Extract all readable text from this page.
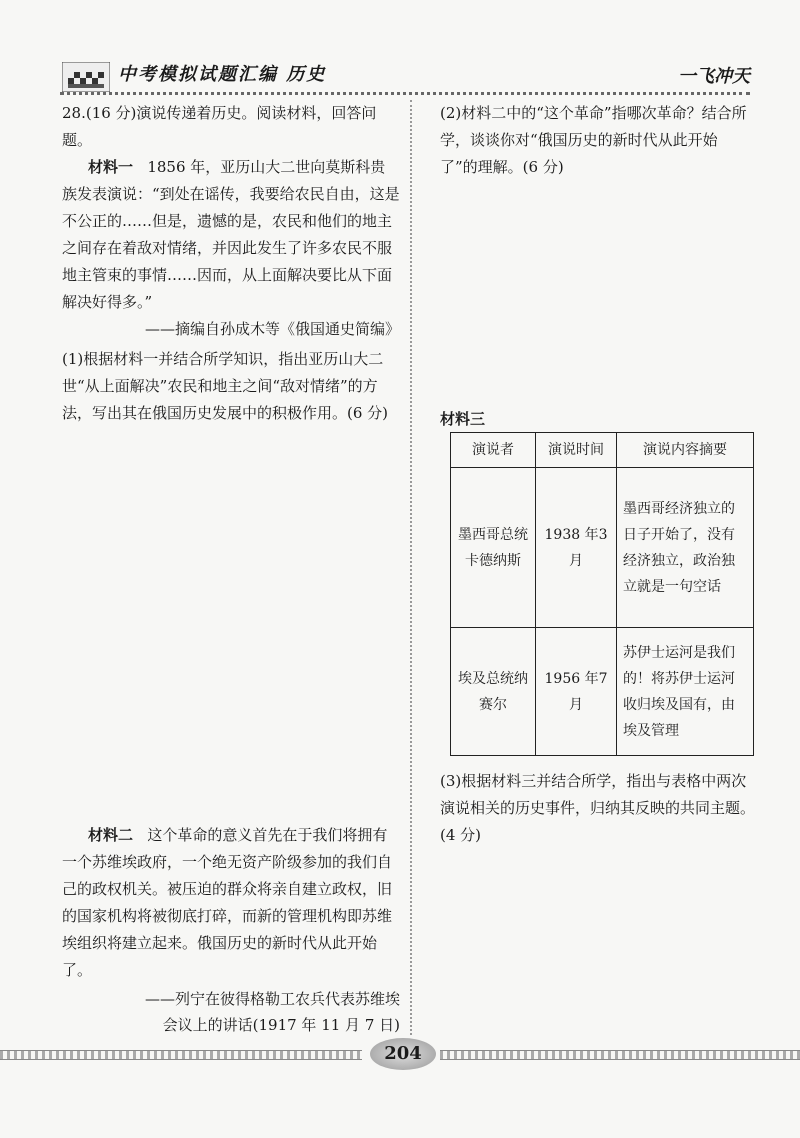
中考模拟试题汇编 历史	一飞冲天
28.(16 分)演说传递着历史。阅读材料，回答问题。
材料一 1856 年，亚历山大二世向莫斯科贵族发表演说：“到处在谣传，我要给农民自由，这是不公正的……但是，遗憾的是，农民和他们的地主之间存在着敌对情绪，并因此发生了许多农民不服地主管束的事情……因而，从上面解决要比从下面解决好得多。”
——摘编自孙成木等《俄国通史简编》
(1)根据材料一并结合所学知识，指出亚历山大二世“从上面解决”农民和地主之间“敌对情绪”的方法，写出其在俄国历史发展中的积极作用。(6 分)
材料二 这个革命的意义首先在于我们将拥有一个苏维埃政府，一个绝无资产阶级参加的我们自己的政权机关。被压迫的群众将亲自建立政权，旧的国家机构将被彻底打碎，而新的管理机构即苏维埃组织将建立起来。俄国历史的新时代从此开始了。
——列宁在彼得格勒工农兵代表苏维埃
会议上的讲话(1917 年 11 月 7 日)
(2)材料二中的“这个革命”指哪次革命？结合所学，谈谈你对“俄国历史的新时代从此开始了”的理解。(6 分)
材料三
演说者	演说时间	演说内容摘要
墨西哥总统卡德纳斯	1938 年3 月	墨西哥经济独立的日子开始了，没有经济独立，政治独立就是一句空话
埃及总统纳赛尔	1956 年7 月	苏伊士运河是我们的！将苏伊士运河收归埃及国有，由埃及管理
(3)根据材料三并结合所学，指出与表格中两次演说相关的历史事件，归纳其反映的共同主题。(4 分)
204
